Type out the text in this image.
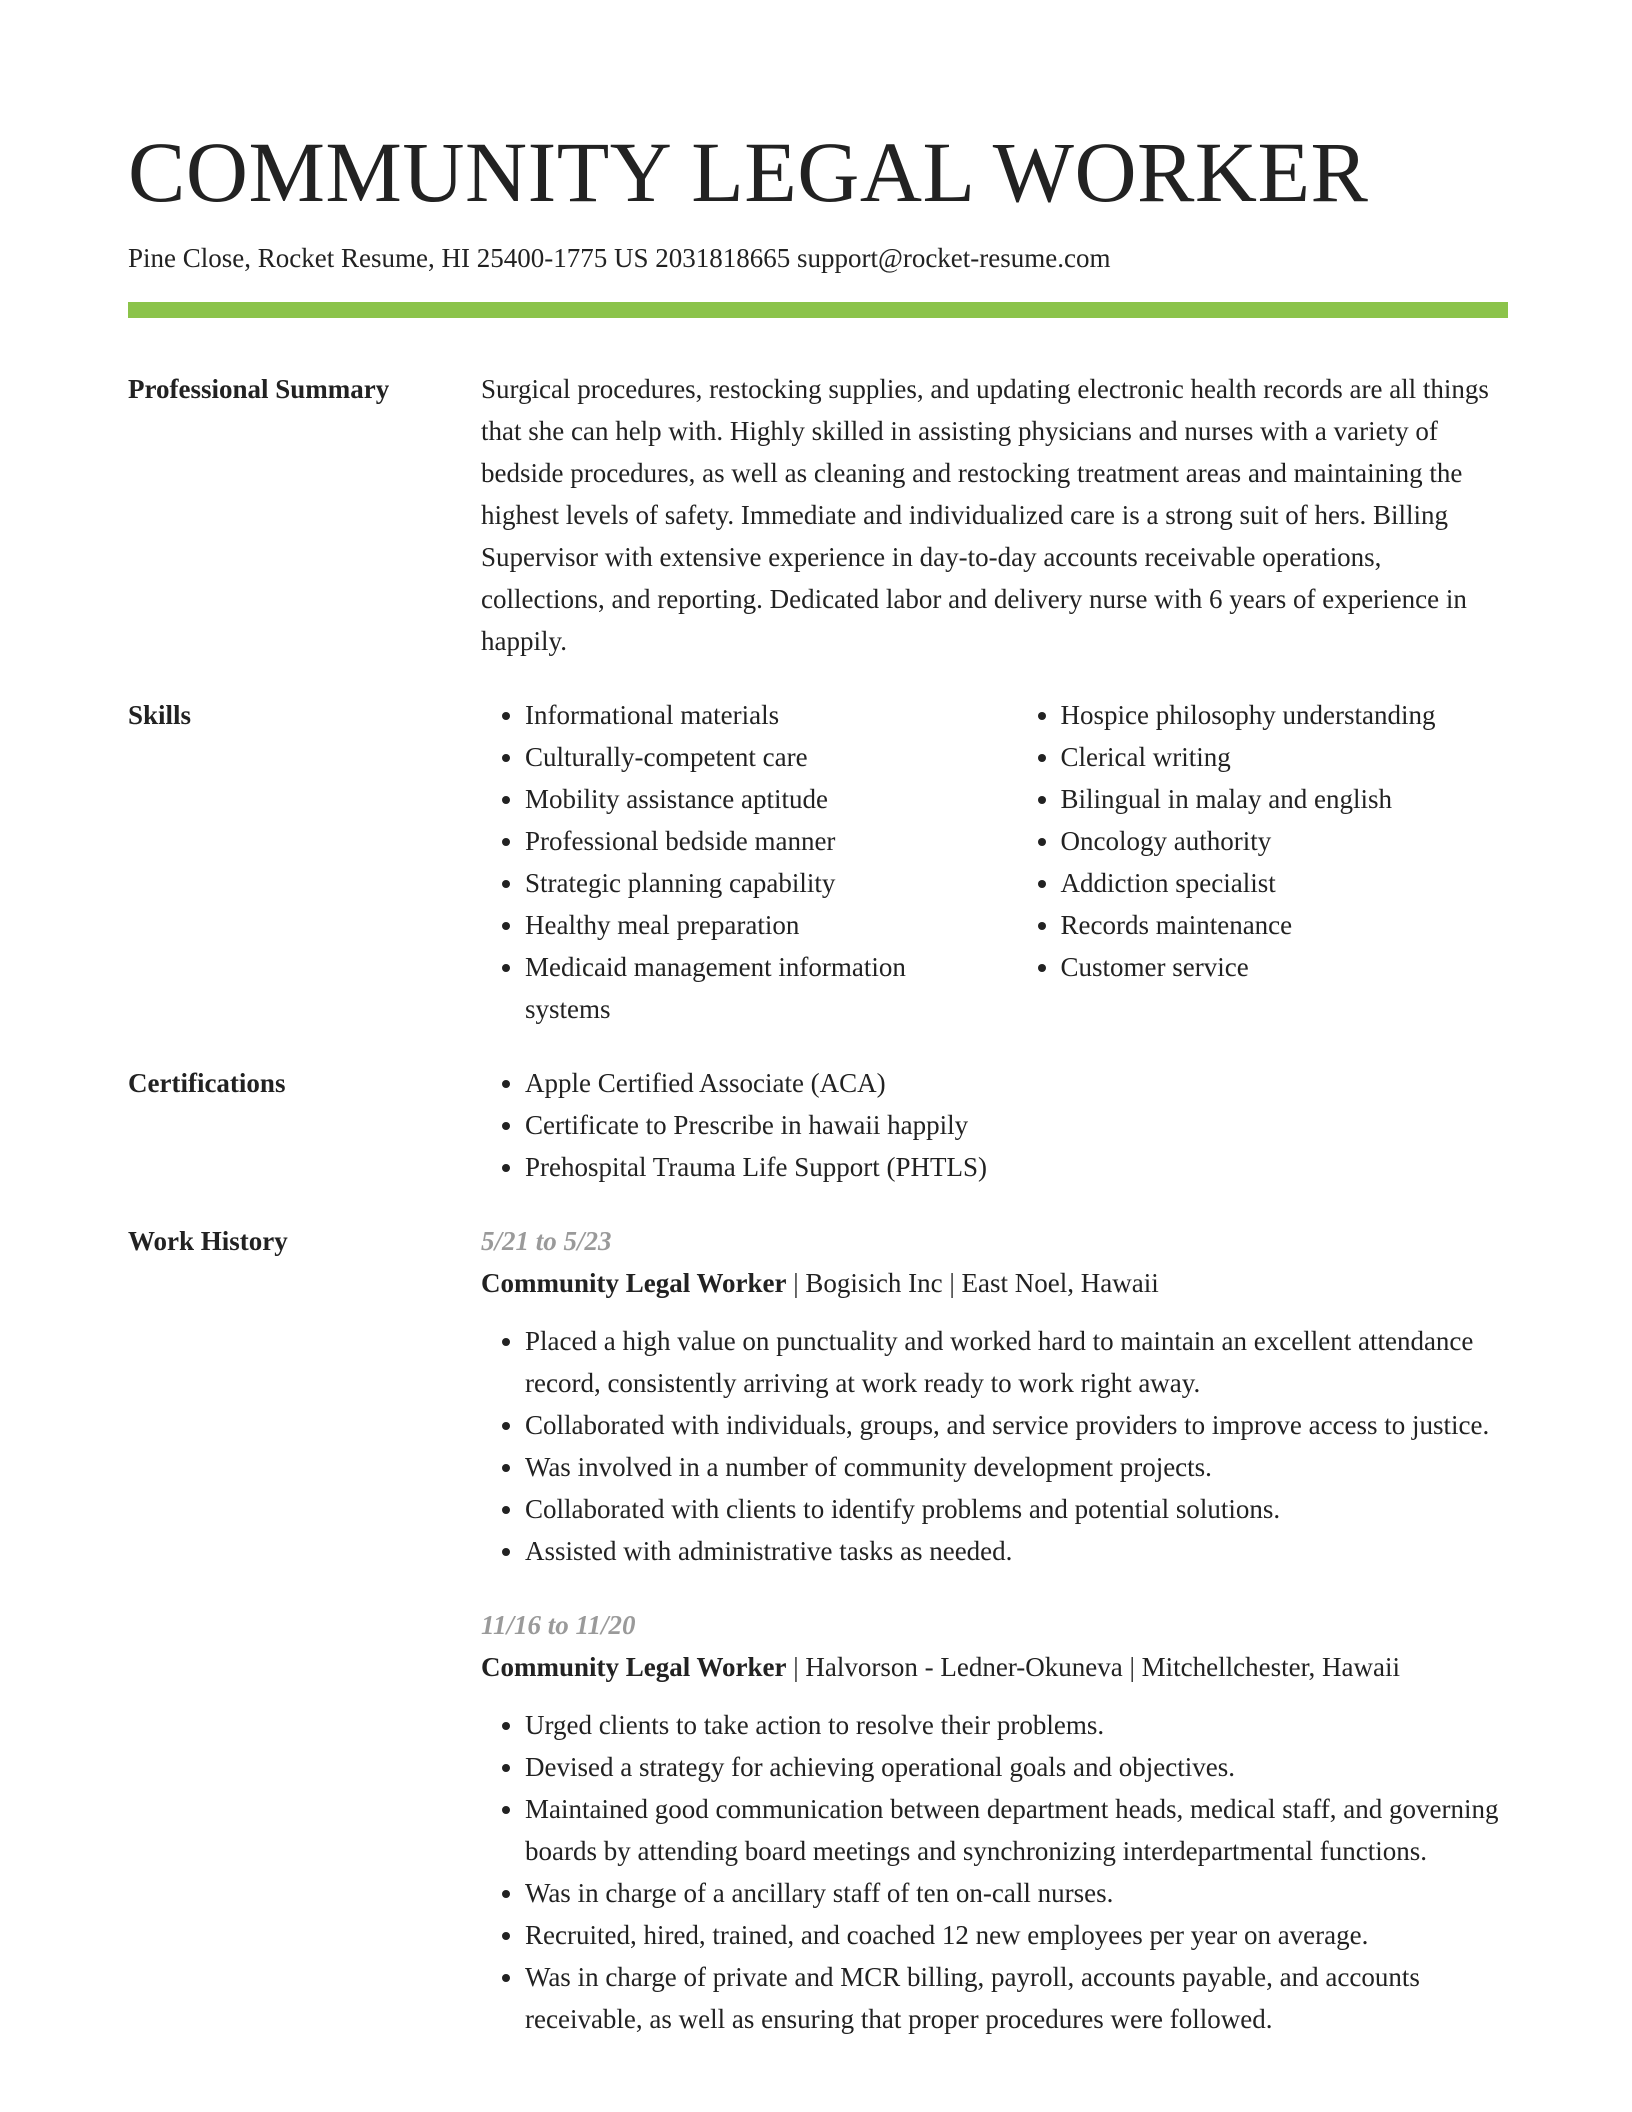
COMMUNITY LEGAL WORKER
Pine Close, Rocket Resume, HI 25400-1775 US 2031818665 support@rocket-resume.com
Professional Summary	Surgical procedures, restocking supplies, and updating electronic health records are all things that she can help with. Highly skilled in assisting physicians and nurses with a variety of bedside procedures, as well as cleaning and restocking treatment areas and maintaining the highest levels of safety. Immediate and individualized care is a strong suit of hers. Billing Supervisor with extensive experience in day-to-day accounts receivable operations, collections, and reporting. Dedicated labor and delivery nurse with 6 years of experience in happily.

Skills	• Informational materials
• Culturally-competent care
• Mobility assistance aptitude
• Professional bedside manner
• Strategic planning capability
• Healthy meal preparation
• Medicaid management information systems
• Hospice philosophy understanding
• Clerical writing
• Bilingual in malay and english
• Oncology authority
• Addiction specialist
• Records maintenance
• Customer service
Certifications	• Apple Certified Associate (ACA)
• Certificate to Prescribe in hawaii happily
• Prehospital Trauma Life Support (PHTLS)
Work History	5/21 to 5/23
Community Legal Worker | Bogisich Inc | East Noel, Hawaii
• Placed a high value on punctuality and worked hard to maintain an excellent attendance record, consistently arriving at work ready to work right away.
• Collaborated with individuals, groups, and service providers to improve access to justice.
• Was involved in a number of community development projects.
• Collaborated with clients to identify problems and potential solutions.
• Assisted with administrative tasks as needed.
11/16 to 11/20
Community Legal Worker | Halvorson - Ledner-Okuneva | Mitchellchester, Hawaii
• Urged clients to take action to resolve their problems.
• Devised a strategy for achieving operational goals and objectives.
• Maintained good communication between department heads, medical staff, and governing boards by attending board meetings and synchronizing interdepartmental functions.
• Was in charge of a ancillary staff of ten on-call nurses.
• Recruited, hired, trained, and coached 12 new employees per year on average.
• Was in charge of private and MCR billing, payroll, accounts payable, and accounts receivable, as well as ensuring that proper procedures were followed.
